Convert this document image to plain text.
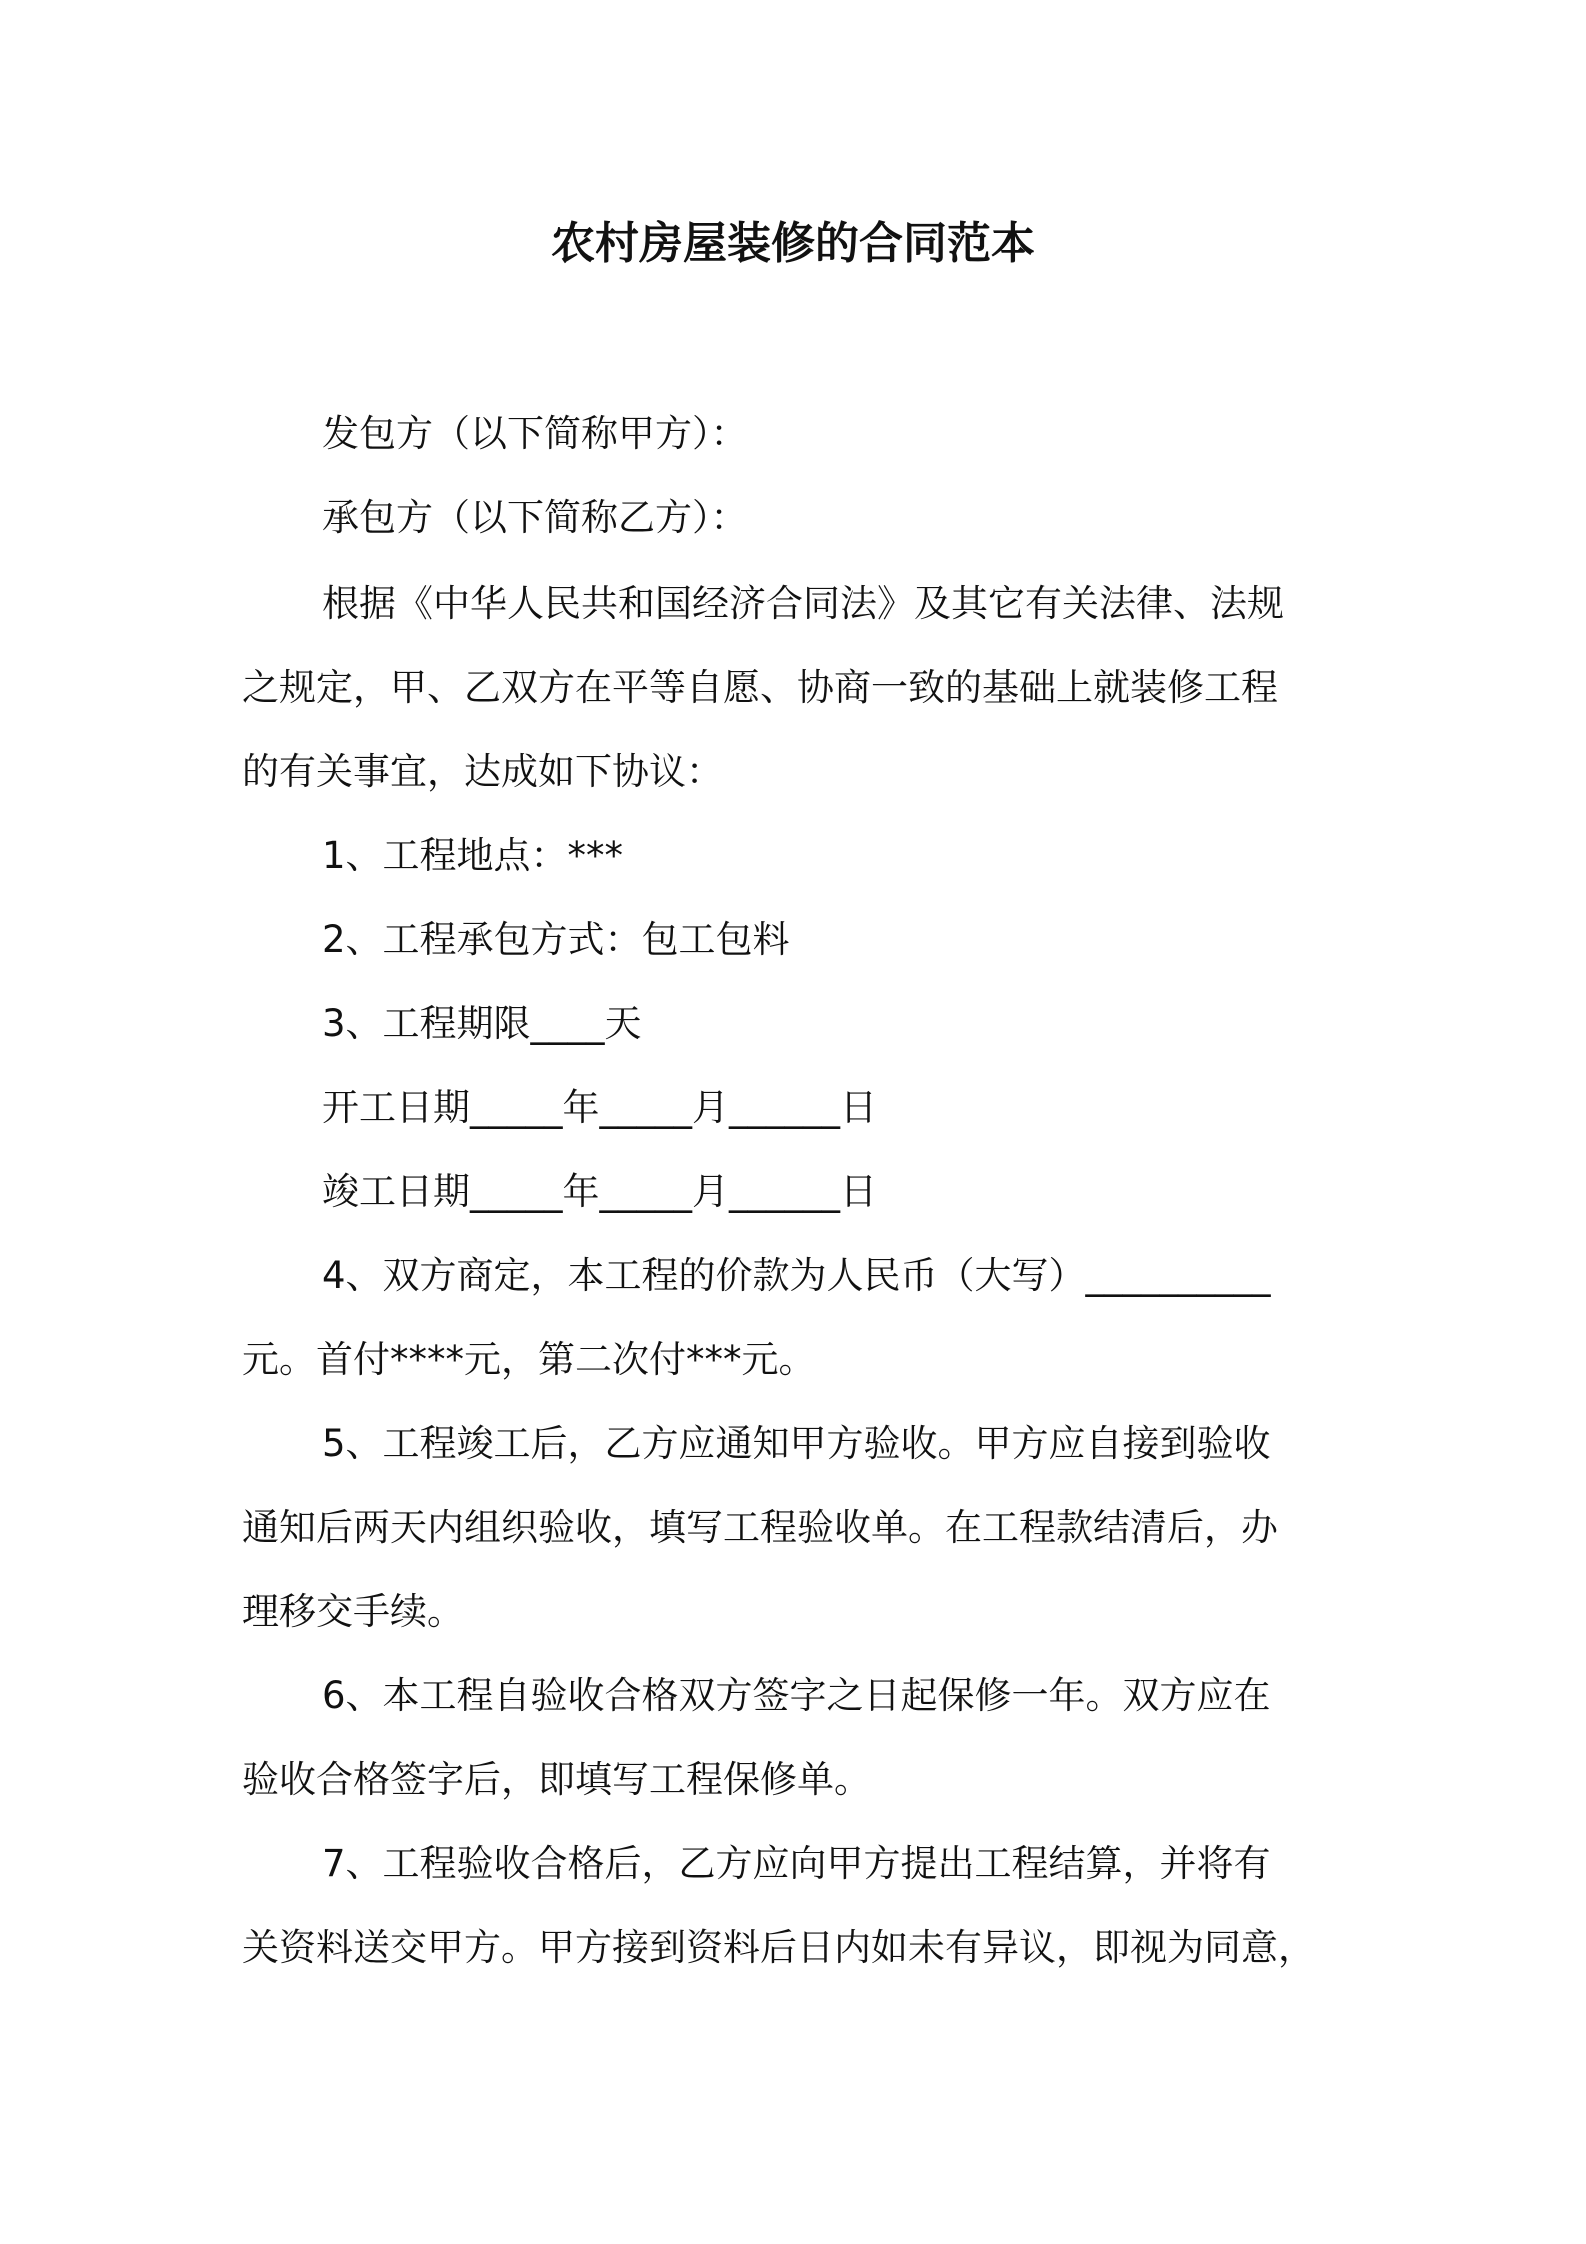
农村房屋装修的合同范本
发包方（以下简称甲方）：
承包方（以下简称乙方）：
根据《中华人民共和国经济合同法》及其它有关法律、法规
之规定，甲、乙双方在平等自愿、协商一致的基础上就装修工程
的有关事宜，达成如下协议：
1、工程地点：***
2、工程承包方式：包工包料
3、工程期限____天
开工日期_____年_____月______日
竣工日期_____年_____月______日
4、双方商定，本工程的价款为人民币（大写）__________
元。首付****元，第二次付***元。
5、工程竣工后，乙方应通知甲方验收。甲方应自接到验收
通知后两天内组织验收，填写工程验收单。在工程款结清后，办
理移交手续。
6、本工程自验收合格双方签字之日起保修一年。双方应在
验收合格签字后，即填写工程保修单。
7、工程验收合格后，乙方应向甲方提出工程结算，并将有
关资料送交甲方。甲方接到资料后日内如未有异议，即视为同意，
